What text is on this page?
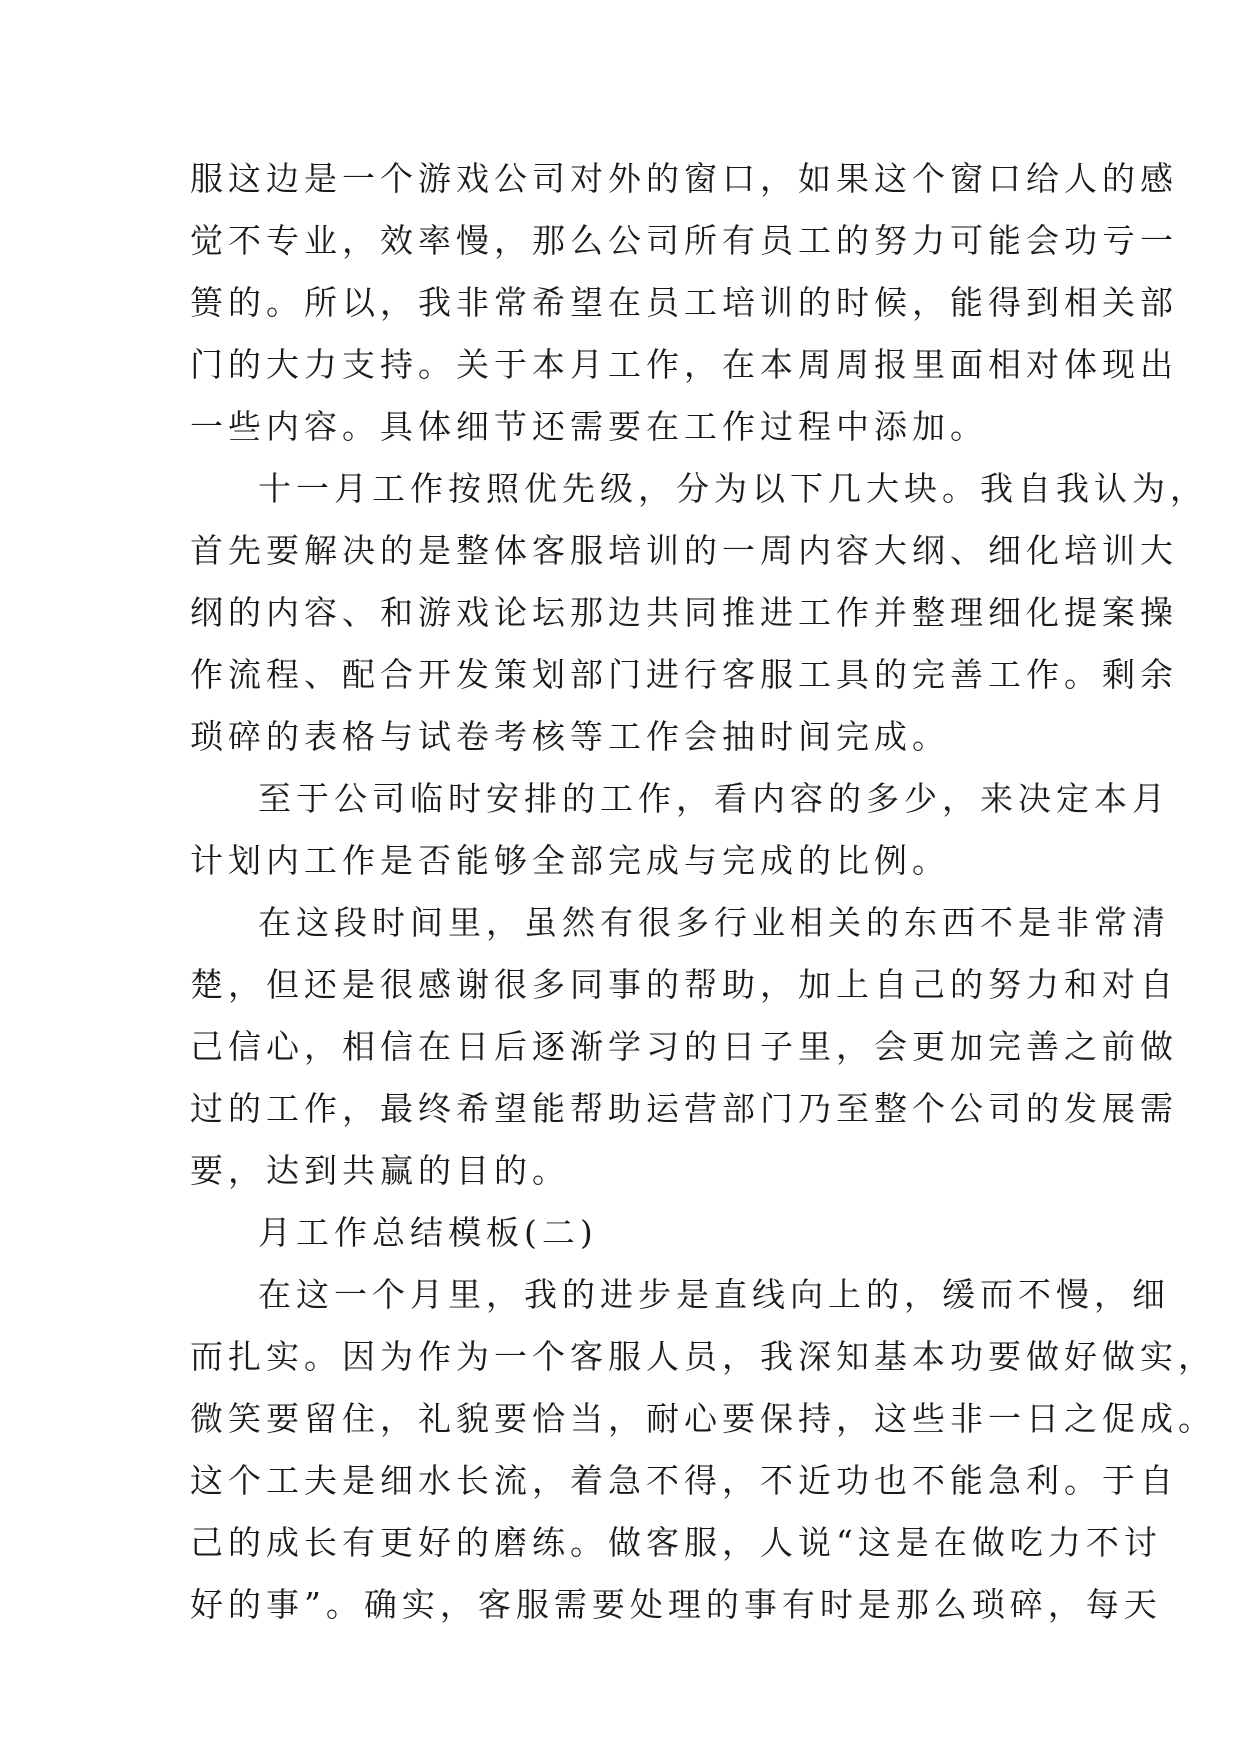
服这边是一个游戏公司对外的窗口，如果这个窗口给人的感
觉不专业，效率慢，那么公司所有员工的努力可能会功亏一
篑的。所以，我非常希望在员工培训的时候，能得到相关部
门的大力支持。关于本月工作，在本周周报里面相对体现出
一些内容。具体细节还需要在工作过程中添加。
十一月工作按照优先级，分为以下几大块。我自我认为，
首先要解决的是整体客服培训的一周内容大纲、细化培训大
纲的内容、和游戏论坛那边共同推进工作并整理细化提案操
作流程、配合开发策划部门进行客服工具的完善工作。剩余
琐碎的表格与试卷考核等工作会抽时间完成。
至于公司临时安排的工作，看内容的多少，来决定本月
计划内工作是否能够全部完成与完成的比例。
在这段时间里，虽然有很多行业相关的东西不是非常清
楚，但还是很感谢很多同事的帮助，加上自己的努力和对自
己信心，相信在日后逐渐学习的日子里，会更加完善之前做
过的工作，最终希望能帮助运营部门乃至整个公司的发展需
要，达到共赢的目的。
月工作总结模板(二)
在这一个月里，我的进步是直线向上的，缓而不慢，细
而扎实。因为作为一个客服人员，我深知基本功要做好做实，
微笑要留住，礼貌要恰当，耐心要保持，这些非一日之促成。
这个工夫是细水长流，着急不得，不近功也不能急利。于自
己的成长有更好的磨练。做客服，人说“这是在做吃力不讨
好的事”。确实，客服需要处理的事有时是那么琐碎，每天
